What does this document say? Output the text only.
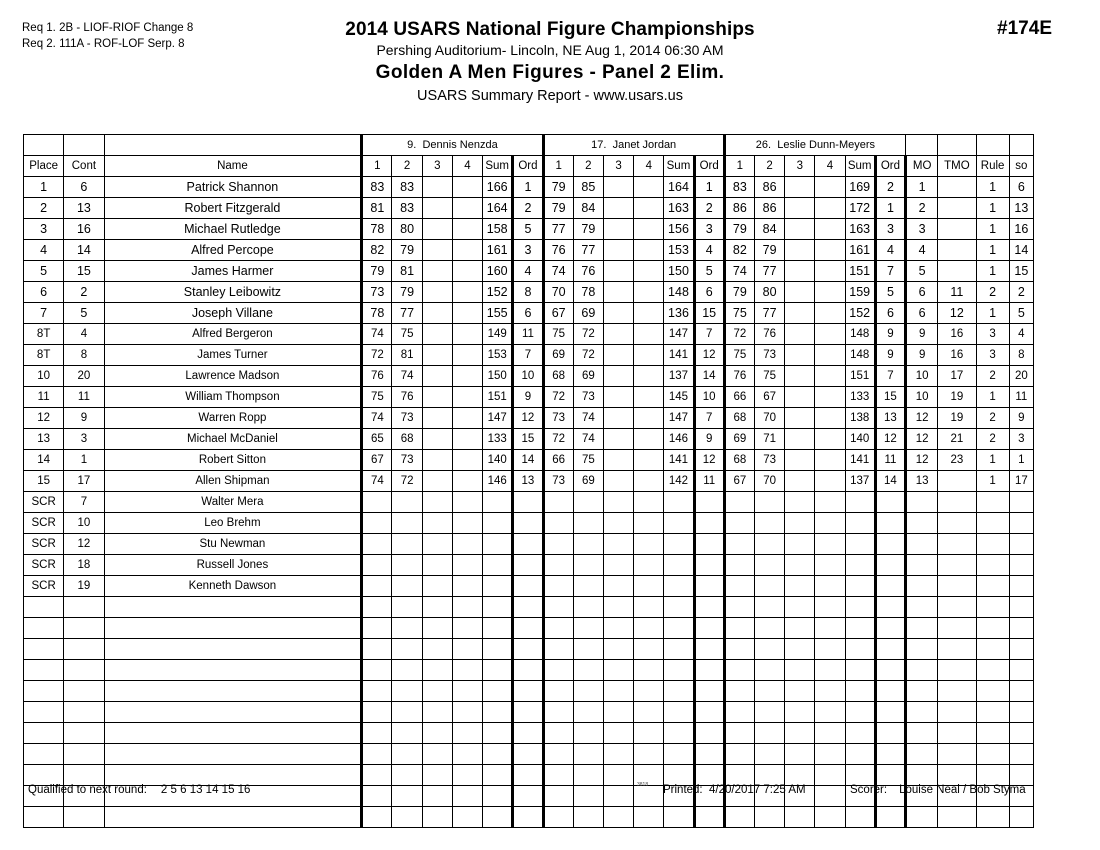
Req 1. 2B - LIOF-RIOF Change 8
Req 2. 111A - ROF-LOF Serp. 8
2014 USARS National Figure Championships
Pershing Auditorium- Lincoln, NE Aug 1, 2014 06:30 AM
Golden A Men Figures - Panel 2 Elim.
USARS Summary Report - www.usars.us
#174E
			9. Dennis Nenzda						17. Janet Jordan						26. Leslie Dunn-Meyers									
Place	Cont	Name	1	2	3	4	Sum	Ord	1	2	3	4	Sum	Ord	1	2	3	4	Sum	Ord	MO	TMO	Rule	so
1	6	Patrick Shannon	83	83			166	1	79	85			164	1	83	86			169	2	1		1	6
2	13	Robert Fitzgerald	81	83			164	2	79	84			163	2	86	86			172	1	2		1	13
3	16	Michael Rutledge	78	80			158	5	77	79			156	3	79	84			163	3	3		1	16
4	14	Alfred Percope	82	79			161	3	76	77			153	4	82	79			161	4	4		1	14
5	15	James Harmer	79	81			160	4	74	76			150	5	74	77			151	7	5		1	15
6	2	Stanley Leibowitz	73	79			152	8	70	78			148	6	79	80			159	5	6	11	2	2
7	5	Joseph Villane	78	77			155	6	67	69			136	15	75	77			152	6	6	12	1	5
8T	4	Alfred Bergeron	74	75			149	11	75	72			147	7	72	76			148	9	9	16	3	4
8T	8	James Turner	72	81			153	7	69	72			141	12	75	73			148	9	9	16	3	8
10	20	Lawrence Madson	76	74			150	10	68	69			137	14	76	75			151	7	10	17	2	20
11	11	William Thompson	75	76			151	9	72	73			145	10	66	67			133	15	10	19	1	11
12	9	Warren Ropp	74	73			147	12	73	74			147	7	68	70			138	13	12	19	2	9
13	3	Michael McDaniel	65	68			133	15	72	74			146	9	69	71			140	12	12	21	2	3
14	1	Robert Sitton	67	73			140	14	66	75			141	12	68	73			141	11	12	23	1	1
15	17	Allen Shipman	74	72			146	13	73	69			142	11	67	70			137	14	13		1	17
SCR	7	Walter Mera																						
SCR	10	Leo Brehm																						
SCR	12	Stu Newman																						
SCR	18	Russell Jones																						
SCR	19	Kenneth Dawson																						

Qualified to next round: 2 5 6 13 14 15 16	3818 Printed: 4/20/2017 7:25 AM	Scorer: Louise Neal / Bob Styma
